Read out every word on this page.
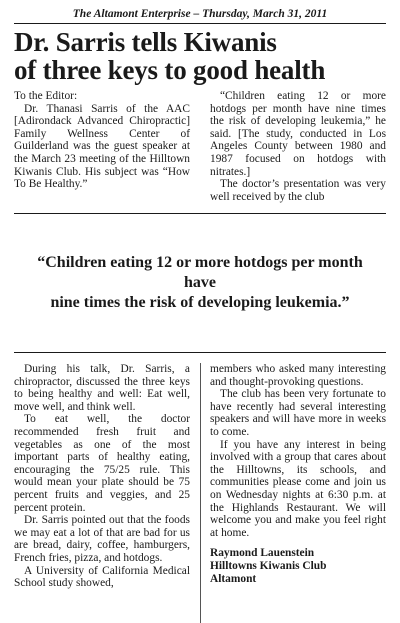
The Altamont Enterprise – Thursday, March 31, 2011
Dr. Sarris tells Kiwanis
of three keys to good health

To the Editor:

Dr. Thanasi Sarris of the AAC [Adirondack Advanced Chiropractic] Family Wellness Center of Guilderland was the guest speaker at the March 23 meeting of the Hilltown Kiwanis Club. His subject was “How To Be Healthy.”

“Children eating 12 or more hotdogs per month have nine times the risk of developing leukemia,” he said. [The study, conducted in Los Angeles County between 1980 and 1987 focused on hotdogs with nitrates.]

The doctor’s presentation was very well received by the club

“Children eating 12 or more hotdogs per month have
nine times the risk of developing leukemia.”

During his talk, Dr. Sarris, a chiropractor, discussed the three keys to being healthy and well: Eat well, move well, and think well.

To eat well, the doctor recommended fresh fruit and vegetables as one of the most important parts of healthy eating, encouraging the 75/25 rule. This would mean your plate should be 75 percent fruits and veggies, and 25 percent protein.

Dr. Sarris pointed out that the foods we may eat a lot of that are bad for us are bread, dairy, coffee, hamburgers, French fries, pizza, and hotdogs.

A University of California Medical School study showed,

members who asked many interesting and thought-provoking questions.

The club has been very fortunate to have recently had several interesting speakers and will have more in weeks to come.

If you have any interest in being involved with a group that cares about the Hilltowns, its schools, and communities please come and join us on Wednesday nights at 6:30 p.m. at the Highlands Restaurant. We will welcome you and make you feel right at home.

Raymond Lauenstein

Hilltowns Kiwanis Club

Altamont
